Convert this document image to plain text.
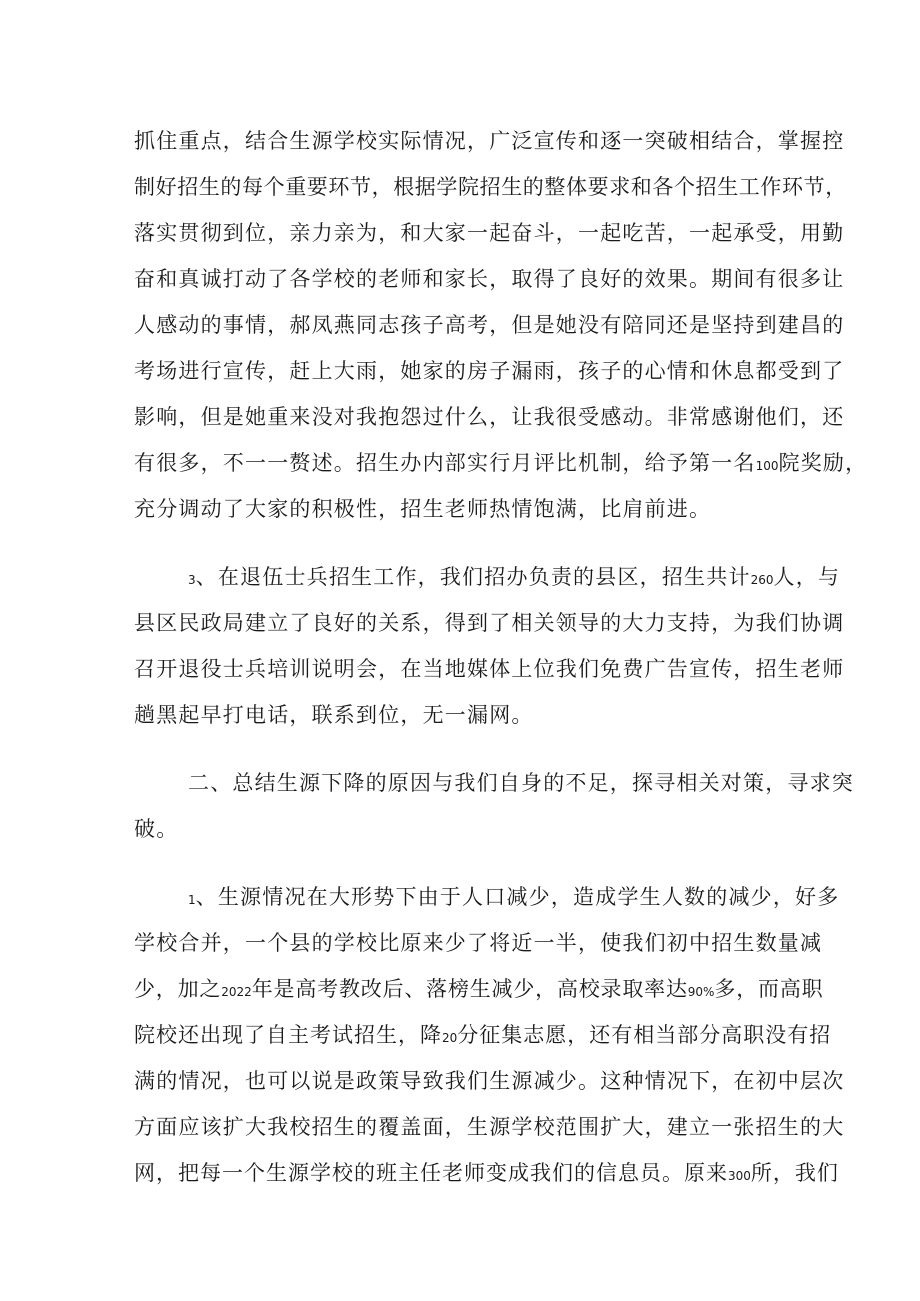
抓住重点，结合生源学校实际情况，广泛宣传和逐一突破相结合，掌握控
制好招生的每个重要环节，根据学院招生的整体要求和各个招生工作环节，
落实贯彻到位，亲力亲为，和大家一起奋斗，一起吃苦，一起承受，用勤
奋和真诚打动了各学校的老师和家长，取得了良好的效果。期间有很多让
人感动的事情，郝凤燕同志孩子高考，但是她没有陪同还是坚持到建昌的
考场进行宣传，赶上大雨，她家的房子漏雨，孩子的心情和休息都受到了
影响，但是她重来没对我抱怨过什么，让我很受感动。非常感谢他们，还
有很多，不一一赘述。招生办内部实行月评比机制，给予第一名100院奖励，
充分调动了大家的积极性，招生老师热情饱满，比肩前进。
3、在退伍士兵招生工作，我们招办负责的县区，招生共计260人，与
县区民政局建立了良好的关系，得到了相关领导的大力支持，为我们协调
召开退役士兵培训说明会，在当地媒体上位我们免费广告宣传，招生老师
趟黑起早打电话，联系到位，无一漏网。
二、总结生源下降的原因与我们自身的不足，探寻相关对策，寻求突
破。
1、生源情况在大形势下由于人口减少，造成学生人数的减少，好多
学校合并，一个县的学校比原来少了将近一半，使我们初中招生数量减
少，加之2022年是高考教改后、落榜生减少，高校录取率达90%多，而高职
院校还出现了自主考试招生，降20分征集志愿，还有相当部分高职没有招
满的情况，也可以说是政策导致我们生源减少。这种情况下，在初中层次
方面应该扩大我校招生的覆盖面，生源学校范围扩大，建立一张招生的大
网，把每一个生源学校的班主任老师变成我们的信息员。原来300所，我们
